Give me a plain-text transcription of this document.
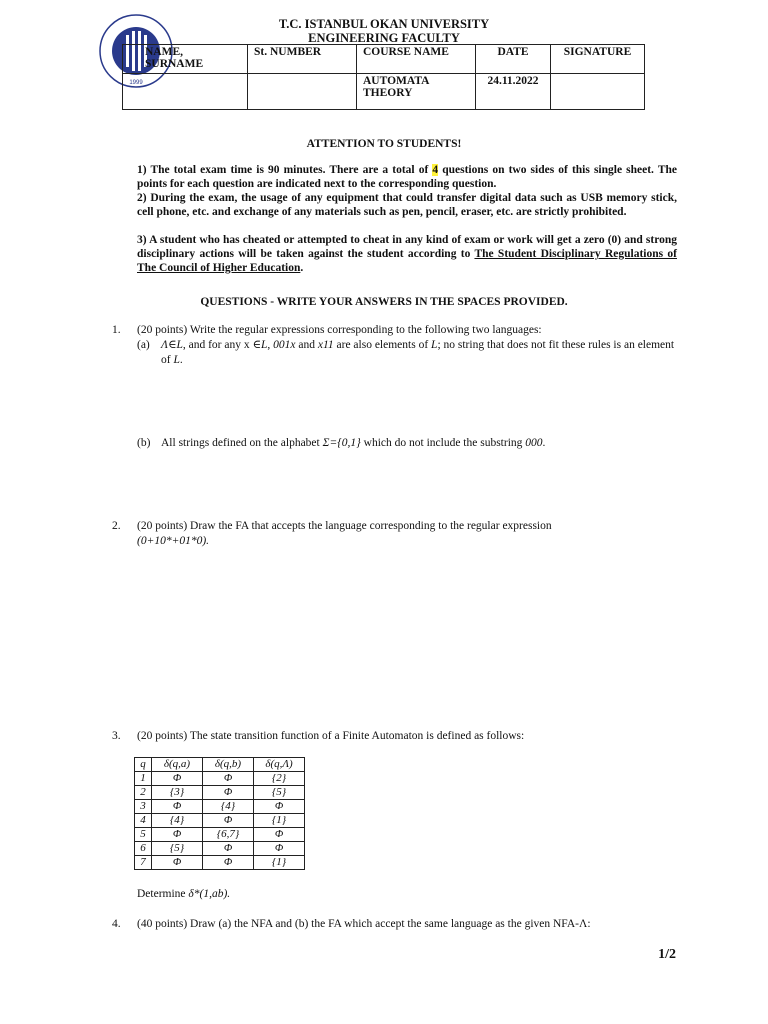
1999
T.C. ISTANBUL OKAN UNIVERSITY
ENGINEERING FACULTY
NAME,
SURNAME	St. NUMBER	COURSE NAME	DATE	SIGNATURE
		AUTOMATA
THEORY	24.11.2022	
ATTENTION TO STUDENTS!
1) The total exam time is 90 minutes. There are a total of 4 questions on two sides of this single sheet. The points for each question are indicated next to the corresponding question.
2) During the exam, the usage of any equipment that could transfer digital data such as USB memory stick, cell phone, etc. and exchange of any materials such as pen, pencil, eraser, etc. are strictly prohibited.
3) A student who has cheated or attempted to cheat in any kind of exam or work will get a zero (0) and strong disciplinary actions will be taken against the student according to The Student Disciplinary Regulations of The Council of Higher Education.
QUESTIONS - WRITE YOUR ANSWERS IN THE SPACES PROVIDED.
1. (20 points) Write the regular expressions corresponding to the following two languages:
(a) Λ∈L, and for any x ∈L, 001x and x11 are also elements of L; no string that does not fit these rules is an element of L.
(b) All strings defined on the alphabet Σ={0,1} which do not include the substring 000.
2. (20 points) Draw the FA that accepts the language corresponding to the regular expression
(0+10*+01*0).
3. (20 points) The state transition function of a Finite Automaton is defined as follows:
q	δ(q,a)	δ(q,b)	δ(q,Λ)
1	Φ	Φ	{2}
2	{3}	Φ	{5}
3	Φ	{4}	Φ
4	{4}	Φ	{1}
5	Φ	{6,7}	Φ
6	{5}	Φ	Φ
7	Φ	Φ	{1}
Determine δ*(1,ab).
4. (40 points) Draw (a) the NFA and (b) the FA which accept the same language as the given NFA-Λ:
1/2
